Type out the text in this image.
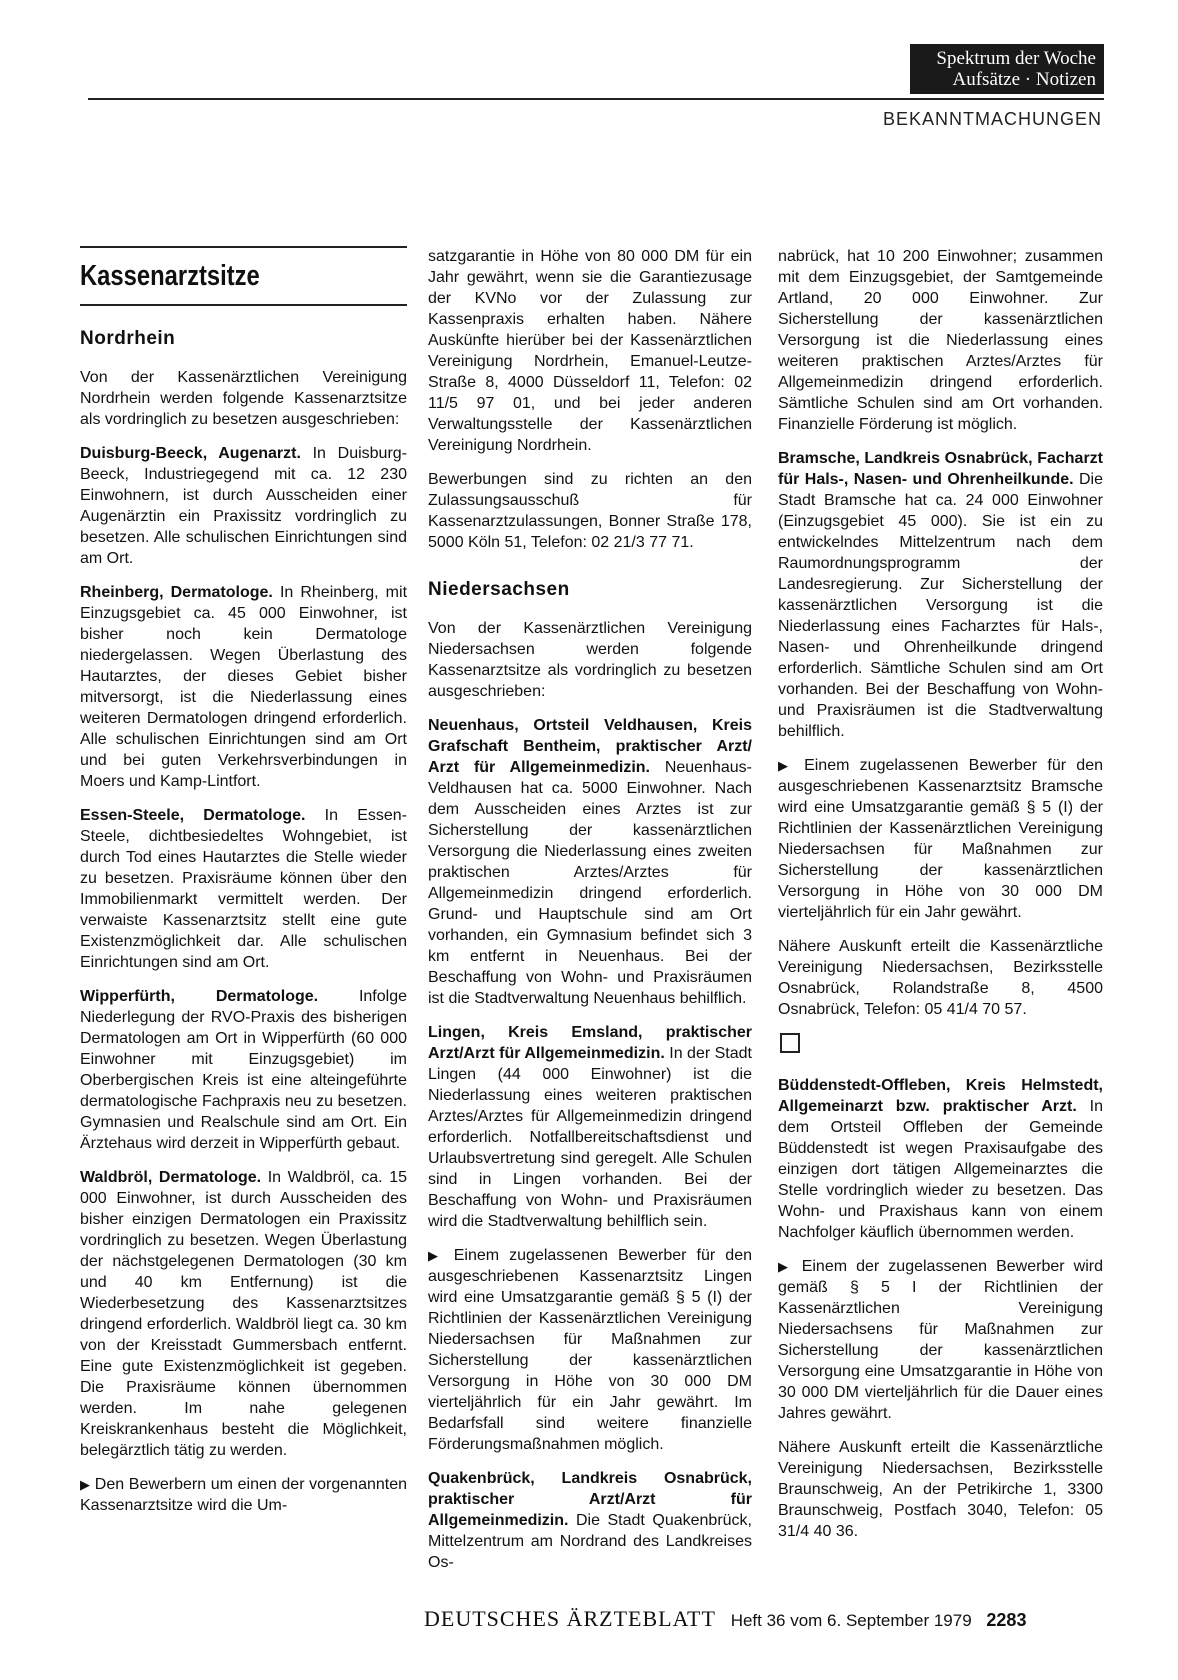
Spektrum der Woche
Aufsätze · Notizen
BEKANNTMACHUNGEN
Kassenarztsitze
Nordrhein

Von der Kassenärztlichen Vereinigung Nordrhein werden folgende Kassenarztsitze als vordringlich zu besetzen ausgeschrieben:

Duisburg-Beeck, Augenarzt. In Duisburg-Beeck, Industriegegend mit ca. 12 230 Einwohnern, ist durch Ausscheiden einer Augenärztin ein Praxissitz vordringlich zu besetzen. Alle schulischen Einrichtungen sind am Ort.

Rheinberg, Dermatologe. In Rheinberg, mit Einzugsgebiet ca. 45 000 Einwohner, ist bisher noch kein Dermatologe niedergelassen. Wegen Überlastung des Hautarztes, der dieses Gebiet bisher mitversorgt, ist die Niederlassung eines weiteren Dermatologen dringend erforderlich. Alle schulischen Einrichtungen sind am Ort und bei guten Verkehrsverbindungen in Moers und Kamp-Lintfort.

Essen-Steele, Dermatologe. In Essen-Steele, dichtbesiedeltes Wohngebiet, ist durch Tod eines Hautarztes die Stelle wieder zu besetzen. Praxisräume können über den Immobilienmarkt vermittelt werden. Der verwaiste Kassenarztsitz stellt eine gute Existenzmöglichkeit dar. Alle schulischen Einrichtungen sind am Ort.

Wipperfürth, Dermatologe. Infolge Niederlegung der RVO-Praxis des bisherigen Dermatologen am Ort in Wipperfürth (60 000 Einwohner mit Einzugsgebiet) im Oberbergischen Kreis ist eine alteingeführte dermatologische Fachpraxis neu zu besetzen. Gymnasien und Realschule sind am Ort. Ein Ärztehaus wird derzeit in Wipperfürth gebaut.

Waldbröl, Dermatologe. In Waldbröl, ca. 15 000 Einwohner, ist durch Ausscheiden des bisher einzigen Dermatologen ein Praxissitz vordringlich zu besetzen. Wegen Überlastung der nächstgelegenen Dermatologen (30 km und 40 km Entfernung) ist die Wiederbesetzung des Kassenarztsitzes dringend erforderlich. Waldbröl liegt ca. 30 km von der Kreisstadt Gummersbach entfernt. Eine gute Existenzmöglichkeit ist gegeben. Die Praxisräume können übernommen werden. Im nahe gelegenen Kreiskrankenhaus besteht die Möglichkeit, belegärztlich tätig zu werden.

▶ Den Bewerbern um einen der vorgenannten Kassenarztsitze wird die Um-

satzgarantie in Höhe von 80 000 DM für ein Jahr gewährt, wenn sie die Garantiezusage der KVNo vor der Zulassung zur Kassenpraxis erhalten haben. Nähere Auskünfte hierüber bei der Kassenärztlichen Vereinigung Nordrhein, Emanuel-Leutze-Straße 8, 4000 Düsseldorf 11, Telefon: 02 11/5 97 01, und bei jeder anderen Verwaltungsstelle der Kassenärztlichen Vereinigung Nordrhein.

Bewerbungen sind zu richten an den Zulassungsausschuß für Kassenarztzulassungen, Bonner Straße 178, 5000 Köln 51, Telefon: 02 21/3 77 71.

Niedersachsen

Von der Kassenärztlichen Vereinigung Niedersachsen werden folgende Kassenarztsitze als vordringlich zu besetzen ausgeschrieben:

Neuenhaus, Ortsteil Veldhausen, Kreis Grafschaft Bentheim, praktischer Arzt/ Arzt für Allgemeinmedizin. Neuenhaus-Veldhausen hat ca. 5000 Einwohner. Nach dem Ausscheiden eines Arztes ist zur Sicherstellung der kassenärztlichen Versorgung die Niederlassung eines zweiten praktischen Arztes/Arztes für Allgemeinmedizin dringend erforderlich. Grund- und Hauptschule sind am Ort vorhanden, ein Gymnasium befindet sich 3 km entfernt in Neuenhaus. Bei der Beschaffung von Wohn- und Praxisräumen ist die Stadtverwaltung Neuenhaus behilflich.

Lingen, Kreis Emsland, praktischer Arzt/Arzt für Allgemeinmedizin. In der Stadt Lingen (44 000 Einwohner) ist die Niederlassung eines weiteren praktischen Arztes/Arztes für Allgemeinmedizin dringend erforderlich. Notfallbereitschaftsdienst und Urlaubsvertretung sind geregelt. Alle Schulen sind in Lingen vorhanden. Bei der Beschaffung von Wohn- und Praxisräumen wird die Stadtverwaltung behilflich sein.

▶ Einem zugelassenen Bewerber für den ausgeschriebenen Kassenarztsitz Lingen wird eine Umsatzgarantie gemäß § 5 (I) der Richtlinien der Kassenärztlichen Vereinigung Niedersachsen für Maßnahmen zur Sicherstellung der kassenärztlichen Versorgung in Höhe von 30 000 DM vierteljährlich für ein Jahr gewährt. Im Bedarfsfall sind weitere finanzielle Förderungsmaßnahmen möglich.

Quakenbrück, Landkreis Osnabrück, praktischer Arzt/Arzt für Allgemeinmedizin. Die Stadt Quakenbrück, Mittelzentrum am Nordrand des Landkreises Os-

nabrück, hat 10 200 Einwohner; zusammen mit dem Einzugsgebiet, der Samtgemeinde Artland, 20 000 Einwohner. Zur Sicherstellung der kassenärztlichen Versorgung ist die Niederlassung eines weiteren praktischen Arztes/Arztes für Allgemeinmedizin dringend erforderlich. Sämtliche Schulen sind am Ort vorhanden. Finanzielle Förderung ist möglich.

Bramsche, Landkreis Osnabrück, Facharzt für Hals-, Nasen- und Ohrenheilkunde. Die Stadt Bramsche hat ca. 24 000 Einwohner (Einzugsgebiet 45 000). Sie ist ein zu entwickelndes Mittelzentrum nach dem Raumordnungsprogramm der Landesregierung. Zur Sicherstellung der kassenärztlichen Versorgung ist die Niederlassung eines Facharztes für Hals-, Nasen- und Ohrenheilkunde dringend erforderlich. Sämtliche Schulen sind am Ort vorhanden. Bei der Beschaffung von Wohn- und Praxisräumen ist die Stadtverwaltung behilflich.

▶ Einem zugelassenen Bewerber für den ausgeschriebenen Kassenarztsitz Bramsche wird eine Umsatzgarantie gemäß § 5 (I) der Richtlinien der Kassenärztlichen Vereinigung Niedersachsen für Maßnahmen zur Sicherstellung der kassenärztlichen Versorgung in Höhe von 30 000 DM vierteljährlich für ein Jahr gewährt.

Nähere Auskunft erteilt die Kassenärztliche Vereinigung Niedersachsen, Bezirksstelle Osnabrück, Rolandstraße 8, 4500 Osnabrück, Telefon: 05 41/4 70 57.

Büddenstedt-Offleben, Kreis Helmstedt, Allgemeinarzt bzw. praktischer Arzt. In dem Ortsteil Offleben der Gemeinde Büddenstedt ist wegen Praxisaufgabe des einzigen dort tätigen Allgemeinarztes die Stelle vordringlich wieder zu besetzen. Das Wohn- und Praxishaus kann von einem Nachfolger käuflich übernommen werden.

▶ Einem der zugelassenen Bewerber wird gemäß § 5 I der Richtlinien der Kassenärztlichen Vereinigung Niedersachsens für Maßnahmen zur Sicherstellung der kassenärztlichen Versorgung eine Umsatzgarantie in Höhe von 30 000 DM vierteljährlich für die Dauer eines Jahres gewährt.

Nähere Auskunft erteilt die Kassenärztliche Vereinigung Niedersachsen, Bezirksstelle Braunschweig, An der Petrikirche 1, 3300 Braunschweig, Postfach 3040, Telefon: 05 31/4 40 36.

DEUTSCHES ÄRZTEBLATT Heft 36 vom 6. September 1979 2283
